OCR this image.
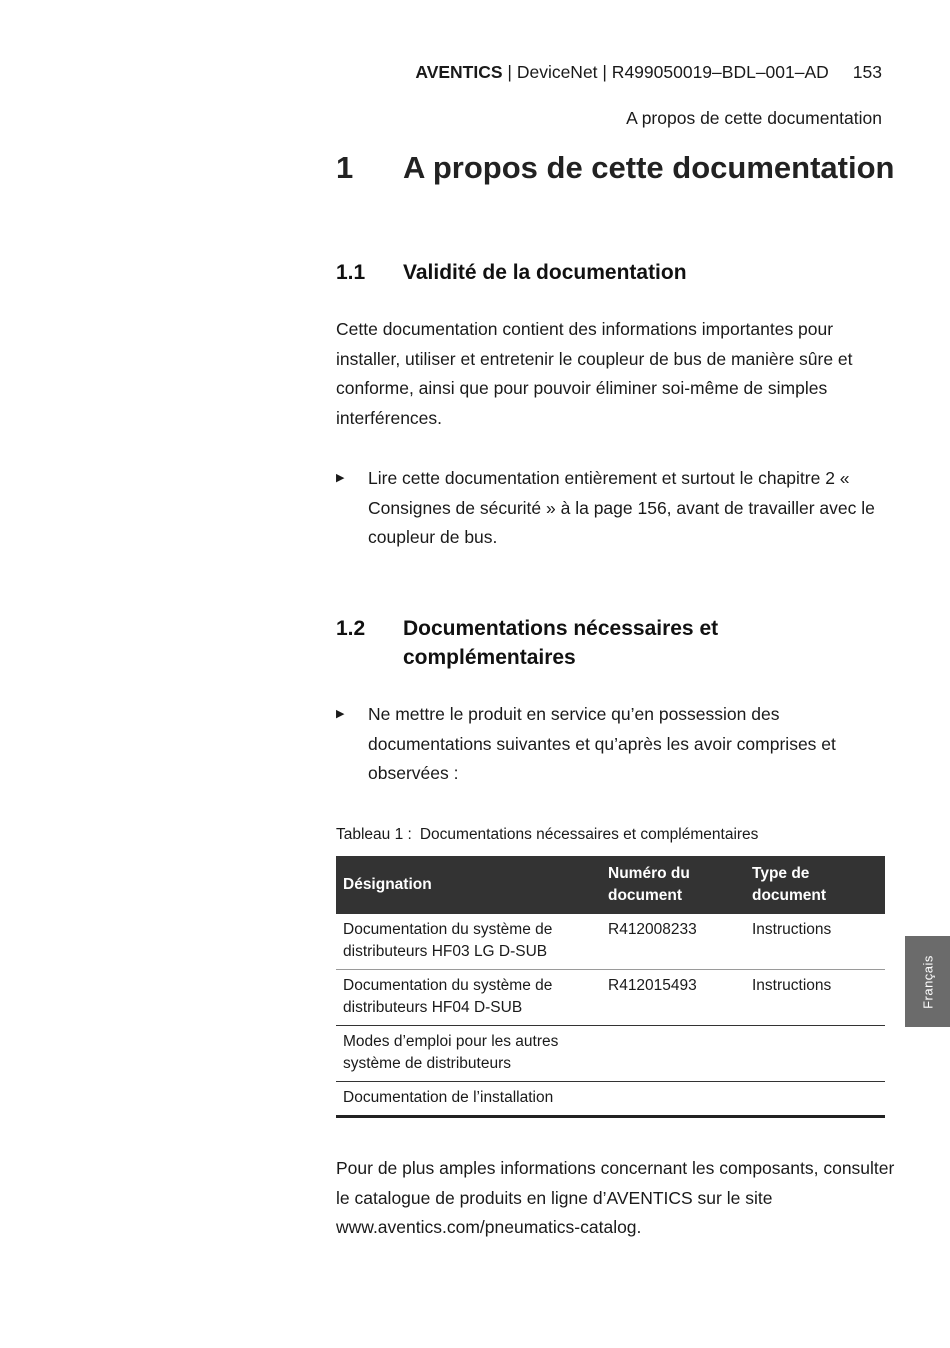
AVENTICS | DeviceNet | R499050019–BDL–001–AD 153
A propos de cette documentation
1 A propos de cette documentation
1.1 Validité de la documentation
Cette documentation contient des informations importantes pour installer, utiliser et entretenir le coupleur de bus de manière sûre et conforme, ainsi que pour pouvoir éliminer soi-même de simples interférences.
▶ Lire cette documentation entièrement et surtout le chapitre 2 « Consignes de sécurité » à la page 156, avant de travailler avec le coupleur de bus.
1.2 Documentations nécessaires et
complémentaires
▶ Ne mettre le produit en service qu’en possession des documentations suivantes et qu’après les avoir comprises et observées :
Tableau 1 : Documentations nécessaires et complémentaires
Désignation	Numéro du document	Type de document
Documentation du système de distributeurs HF03 LG D-SUB	R412008233	Instructions
Documentation du système de distributeurs HF04 D-SUB	R412015493	Instructions
Modes d’emploi pour les autres système de distributeurs		
Documentation de l’installation		
Pour de plus amples informations concernant les composants, consulter le catalogue de produits en ligne d’AVENTICS sur le site www.aventics.com/pneumatics-catalog.
Français
